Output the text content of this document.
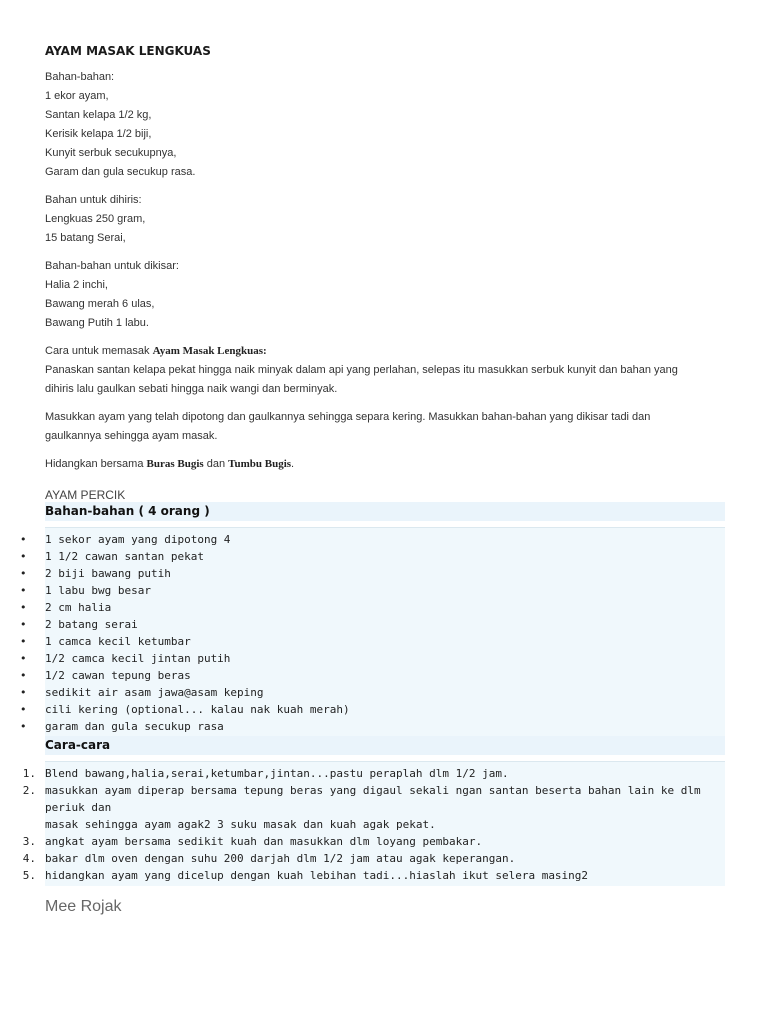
AYAM MASAK LENGKUAS
Bahan-bahan:
1 ekor ayam,
Santan kelapa 1/2 kg,
Kerisik kelapa 1/2 biji,
Kunyit serbuk secukupnya,
Garam dan gula secukup rasa.
Bahan untuk dihiris:
Lengkuas 250 gram,
15 batang Serai,
Bahan-bahan untuk dikisar:
Halia 2 inchi,
Bawang merah 6 ulas,
Bawang Putih 1 labu.
Cara untuk memasak Ayam Masak Lengkuas:
Panaskan santan kelapa pekat hingga naik minyak dalam api yang perlahan, selepas itu masukkan serbuk kunyit dan bahan yang
dihiris lalu gaulkan sebati hingga naik wangi dan berminyak.
Masukkan ayam yang telah dipotong dan gaulkannya sehingga separa kering. Masukkan bahan-bahan yang dikisar tadi dan
gaulkannya sehingga ayam masak.
Hidangkan bersama Buras Bugis dan Tumbu Bugis.
AYAM PERCIK
Bahan-bahan ( 4 orang )
• 1 sekor ayam yang dipotong 4
• 1 1/2 cawan santan pekat
• 2 biji bawang putih
• 1 labu bwg besar
• 2 cm halia
• 2 batang serai
• 1 camca kecil ketumbar
• 1/2 camca kecil jintan putih
• 1/2 cawan tepung beras
• sedikit air asam jawa@asam keping
• cili kering (optional... kalau nak kuah merah)
• garam dan gula secukup rasa
Cara-cara
1. Blend bawang,halia,serai,ketumbar,jintan...pastu peraplah dlm 1/2 jam.
2. masukkan ayam diperap bersama tepung beras yang digaul sekali ngan santan beserta bahan lain ke dlm periuk dan
masak sehingga ayam agak2 3 suku masak dan kuah agak pekat.
3. angkat ayam bersama sedikit kuah dan masukkan dlm loyang pembakar.
4. bakar dlm oven dengan suhu 200 darjah dlm 1/2 jam atau agak keperangan.
5. hidangkan ayam yang dicelup dengan kuah lebihan tadi...hiaslah ikut selera masing2
Mee Rojak
